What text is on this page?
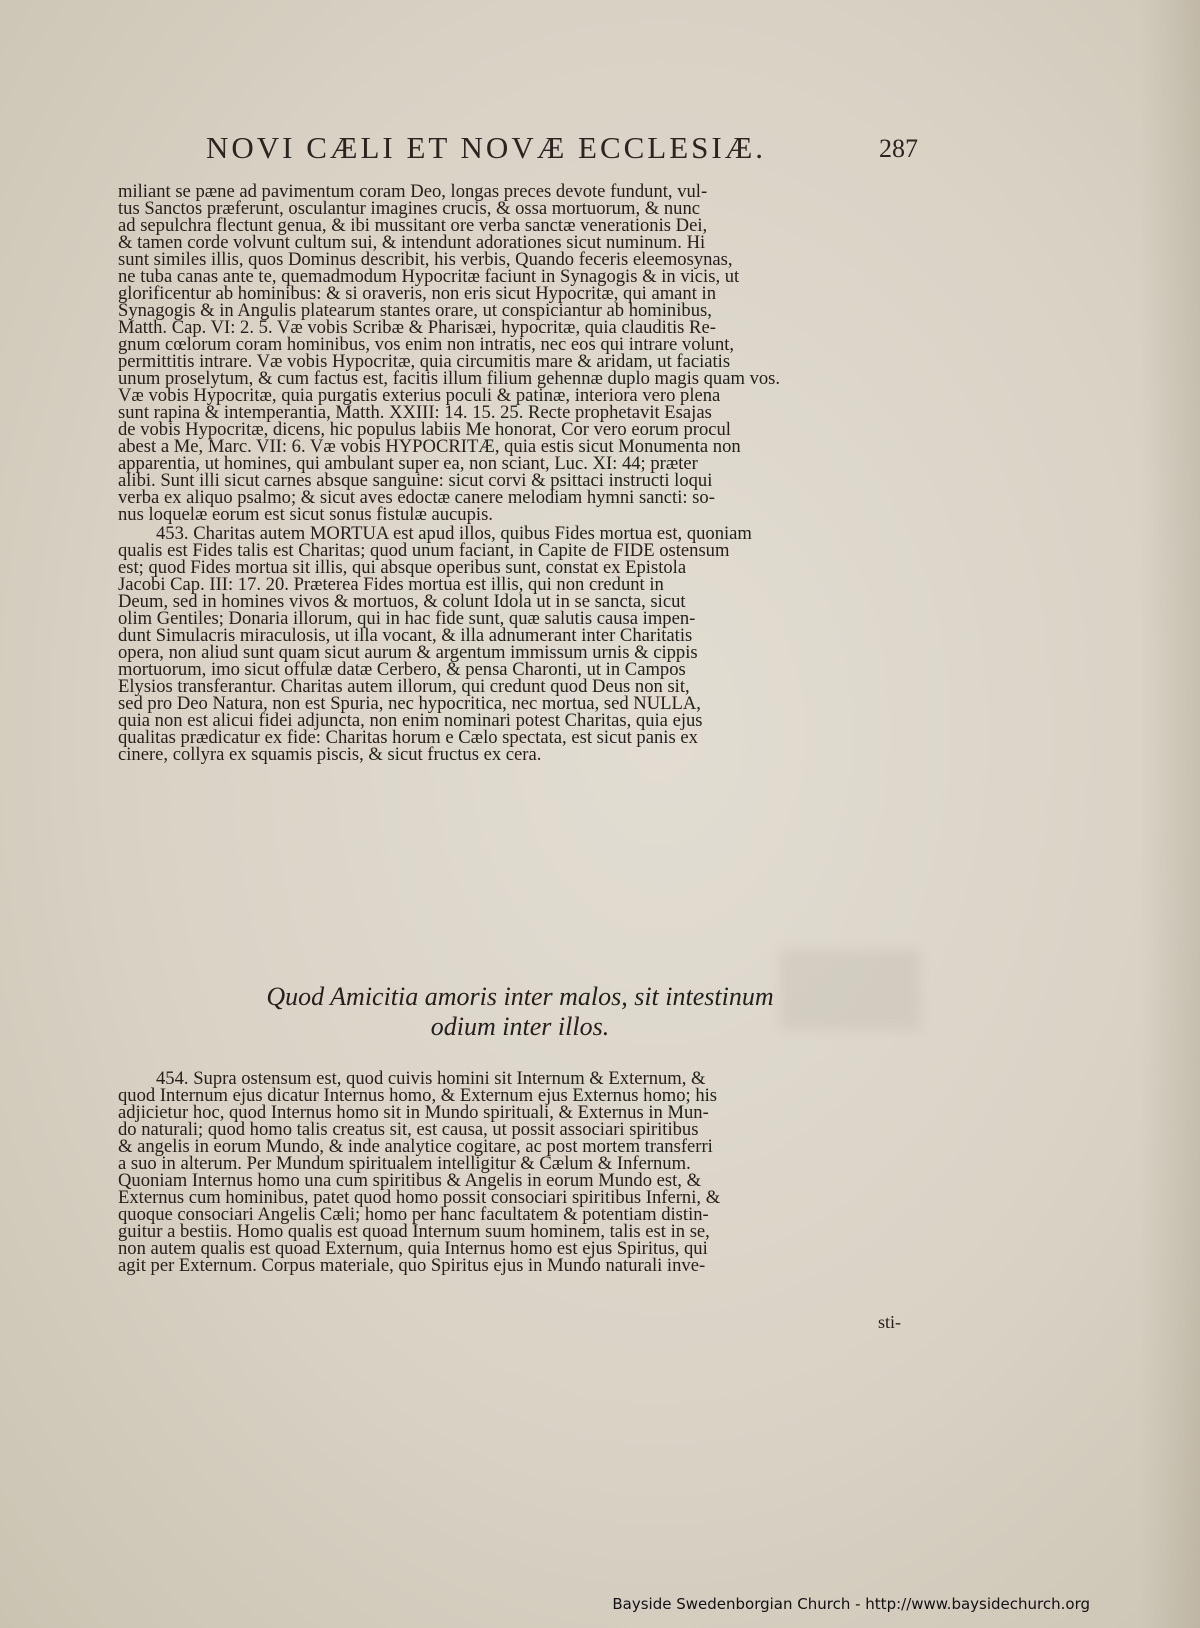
NOVI CÆLI ET NOVÆ ECCLESIÆ.	287

miliant se pæne ad pavimentum coram Deo, longas preces devote fundunt, vul-

tus Sanctos præferunt, osculantur imagines crucis, & ossa mortuorum, & nunc

ad sepulchra flectunt genua, & ibi mussitant ore verba sanctæ venerationis Dei,

& tamen corde volvunt cultum sui, & intendunt adorationes sicut numinum. Hi

sunt similes illis, quos Dominus describit, his verbis, Quando feceris eleemosynas,

ne tuba canas ante te, quemadmodum Hypocritæ faciunt in Synagogis & in vicis, ut

glorificentur ab hominibus: & si oraveris, non eris sicut Hypocritæ, qui amant in

Synagogis & in Angulis platearum stantes orare, ut conspiciantur ab hominibus,

Matth. Cap. VI: 2. 5. Væ vobis Scribæ & Pharisæi, hypocritæ, quia clauditis Re-

gnum cœlorum coram hominibus, vos enim non intratis, nec eos qui intrare volunt,

permittitis intrare. Væ vobis Hypocritæ, quia circumitis mare & aridam, ut faciatis

unum proselytum, & cum factus est, facitis illum filium gehennæ duplo magis quam vos.

Væ vobis Hypocritæ, quia purgatis exterius poculi & patinæ, interiora vero plena

sunt rapina & intemperantia, Matth. XXIII: 14. 15. 25. Recte prophetavit Esajas

de vobis Hypocritæ, dicens, hic populus labiis Me honorat, Cor vero eorum procul

abest a Me, Marc. VII: 6. Væ vobis HYPOCRITÆ, quia estis sicut Monumenta non

apparentia, ut homines, qui ambulant super ea, non sciant, Luc. XI: 44; præter

alibi. Sunt illi sicut carnes absque sanguine: sicut corvi & psittaci instructi loqui

verba ex aliquo psalmo; & sicut aves edoctæ canere melodiam hymni sancti: so-

nus loquelæ eorum est sicut sonus fistulæ aucupis.

453. Charitas autem MORTUA est apud illos, quibus Fides mortua est, quoniam

qualis est Fides talis est Charitas; quod unum faciant, in Capite de FIDE ostensum

est; quod Fides mortua sit illis, qui absque operibus sunt, constat ex Epistola

Jacobi Cap. III: 17. 20. Præterea Fides mortua est illis, qui non credunt in

Deum, sed in homines vivos & mortuos, & colunt Idola ut in se sancta, sicut

olim Gentiles; Donaria illorum, qui in hac fide sunt, quæ salutis causa impen-

dunt Simulacris miraculosis, ut illa vocant, & illa adnumerant inter Charitatis

opera, non aliud sunt quam sicut aurum & argentum immissum urnis & cippis

mortuorum, imo sicut offulæ datæ Cerbero, & pensa Charonti, ut in Campos

Elysios transferantur. Charitas autem illorum, qui credunt quod Deus non sit,

sed pro Deo Natura, non est Spuria, nec hypocritica, nec mortua, sed NULLA,

quia non est alicui fidei adjuncta, non enim nominari potest Charitas, quia ejus

qualitas prædicatur ex fide: Charitas horum e Cælo spectata, est sicut panis ex

cinere, collyra ex squamis piscis, & sicut fructus ex cera.

Quod Amicitia amoris inter malos, sit intestinum
odium inter illos.

454. Supra ostensum est, quod cuivis homini sit Internum & Externum, &

quod Internum ejus dicatur Internus homo, & Externum ejus Externus homo; his

adjicietur hoc, quod Internus homo sit in Mundo spirituali, & Externus in Mun-

do naturali; quod homo talis creatus sit, est causa, ut possit associari spiritibus

& angelis in eorum Mundo, & inde analytice cogitare, ac post mortem transferri

a suo in alterum. Per Mundum spiritualem intelligitur & Cælum & Infernum.

Quoniam Internus homo una cum spiritibus & Angelis in eorum Mundo est, &

Externus cum hominibus, patet quod homo possit consociari spiritibus Inferni, &

quoque consociari Angelis Cæli; homo per hanc facultatem & potentiam distin-

guitur a bestiis. Homo qualis est quoad Internum suum hominem, talis est in se,

non autem qualis est quoad Externum, quia Internus homo est ejus Spiritus, qui

agit per Externum. Corpus materiale, quo Spiritus ejus in Mundo naturali inve-

sti-
Bayside Swedenborgian Church - http://www.baysidechurch.org
